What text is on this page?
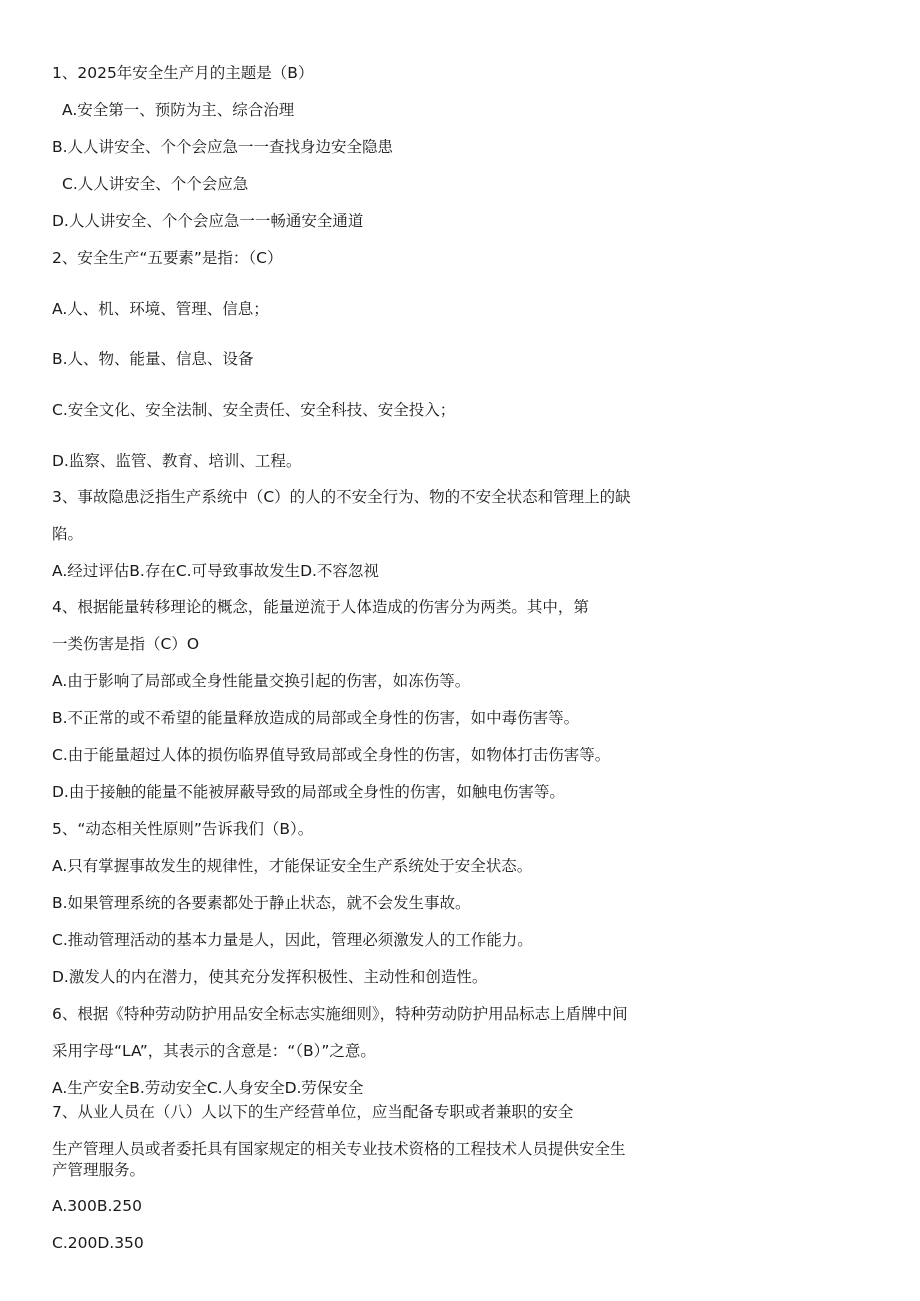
1、2025年安全生产月的主题是（B）
A.安全第一、预防为主、综合治理
B.人人讲安全、个个会应急一一查找身边安全隐患
C.人人讲安全、个个会应急
D.人人讲安全、个个会应急一一畅通安全通道
2、安全生产“五要素”是指：（C）
A.人、机、环境、管理、信息；
B.人、物、能量、信息、设备
C.安全文化、安全法制、安全责任、安全科技、安全投入；
D.监察、监管、教育、培训、工程。
3、事故隐患泛指生产系统中（C）的人的不安全行为、物的不安全状态和管理上的缺
陷。
A.经过评估B.存在C.可导致事故发生D.不容忽视
4、根据能量转移理论的概念，能量逆流于人体造成的伤害分为两类。其中，第
一类伤害是指（C）O
A.由于影响了局部或全身性能量交换引起的伤害，如冻伤等。
B.不正常的或不希望的能量释放造成的局部或全身性的伤害，如中毒伤害等。
C.由于能量超过人体的损伤临界值导致局部或全身性的伤害，如物体打击伤害等。
D.由于接触的能量不能被屏蔽导致的局部或全身性的伤害，如触电伤害等。
5、“动态相关性原则”告诉我们（B）。
A.只有掌握事故发生的规律性，才能保证安全生产系统处于安全状态。
B.如果管理系统的各要素都处于静止状态，就不会发生事故。
C.推动管理活动的基本力量是人，因此，管理必须激发人的工作能力。
D.激发人的内在潜力，使其充分发挥积极性、主动性和创造性。
6、根据《特种劳动防护用品安全标志实施细则》，特种劳动防护用品标志上盾牌中间
采用字母“LA”，其表示的含意是：“（B）”之意。
A.生产安全B.劳动安全C.人身安全D.劳保安全
7、从业人员在（八）人以下的生产经营单位，应当配备专职或者兼职的安全
生产管理人员或者委托具有国家规定的相关专业技术资格的工程技术人员提供安全生
产管理服务。
A.300B.250
C.200D.350
